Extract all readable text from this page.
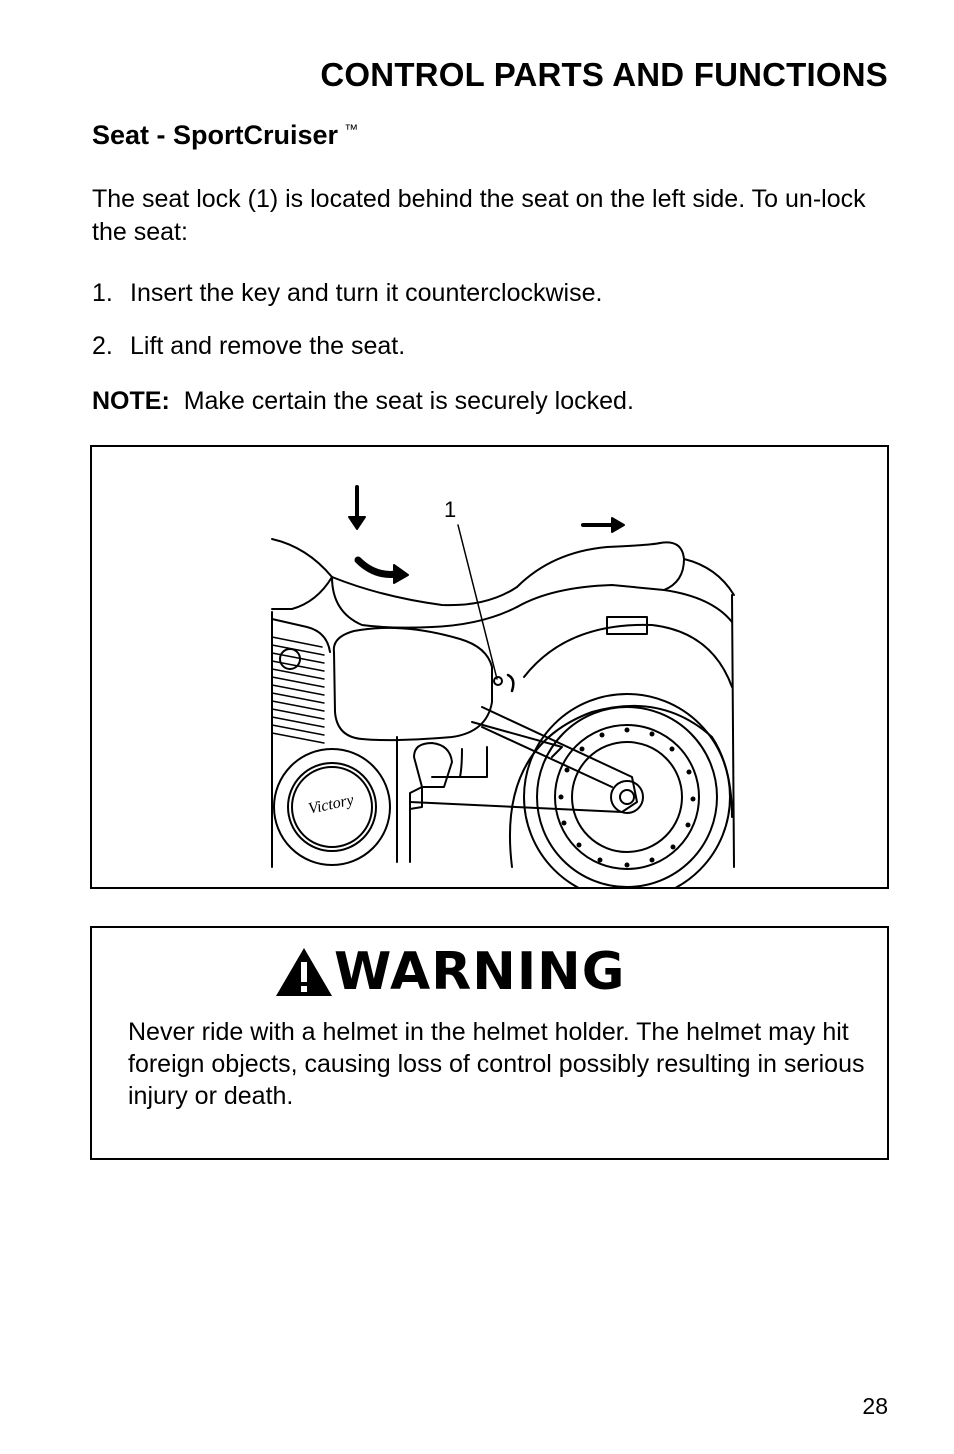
CONTROL PARTS AND FUNCTIONS
Seat - SportCruiser ™

The seat lock (1) is located behind the seat on the left side. To un-lock the seat:

1. Insert the key and turn it counterclockwise.

2. Lift and remove the seat.

NOTE: Make certain the seat is securely locked.

1
Victory
WARNING

Never ride with a helmet in the helmet holder. The helmet may hit foreign objects, causing loss of control possibly resulting in serious injury or death.

28
